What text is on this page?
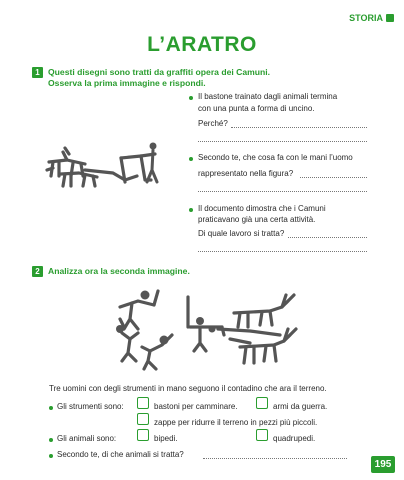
STORIA
L’ARATRO
1 Questi disegni sono tratti da graffiti opera dei Camuni.
Osserva la prima immagine e rispondi.
Il bastone trainato dagli animali termina
con una punta a forma di uncino.
Perché?
Secondo te, che cosa fa con le mani l’uomo
rappresentato nella figura?
Il documento dimostra che i Camuni
praticavano già una certa attività.
Di quale lavoro si tratta?
2 Analizza ora la seconda immagine.
Tre uomini con degli strumenti in mano seguono il contadino che ara il terreno.
Gli strumenti sono:	bastoni per camminare.	armi da guerra.
zappe per ridurre il terreno in pezzi più piccoli.
Gli animali sono:	bipedi.	quadrupedi.
Secondo te, di che animali si tratta?
195
